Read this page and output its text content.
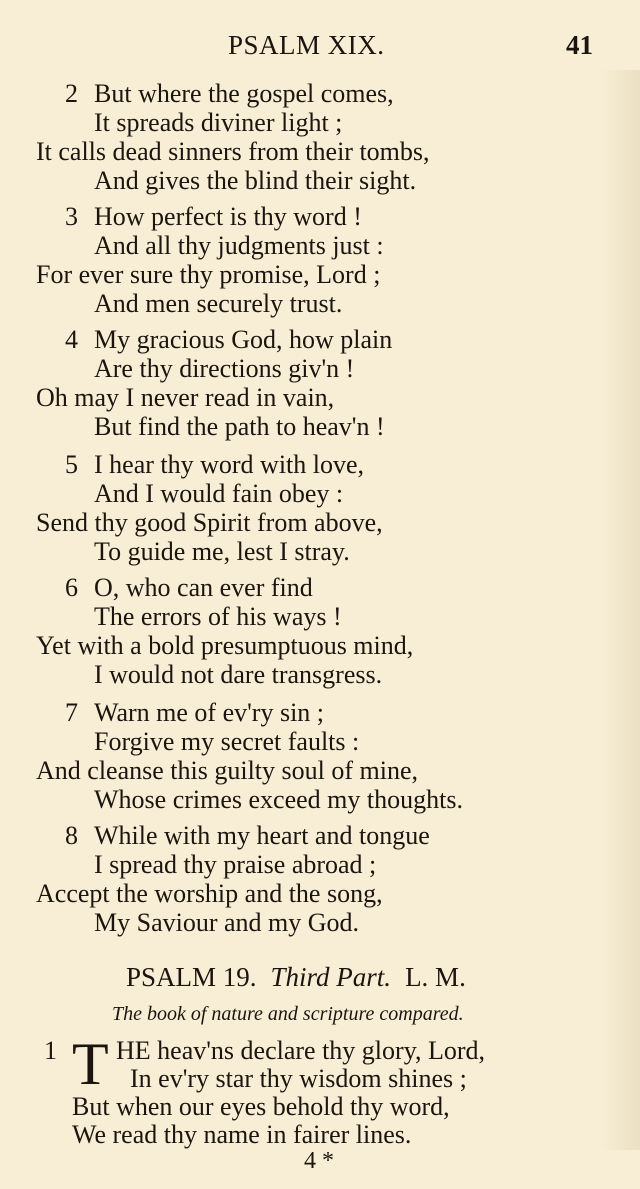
PSALM XIX.	41
2 But where the gospel comes,
It spreads diviner light ;
It calls dead sinners from their tombs,
And gives the blind their sight.
3 How perfect is thy word !
And all thy judgments just :
For ever sure thy promise, Lord ;
And men securely trust.
4 My gracious God, how plain
Are thy directions giv'n !
Oh may I never read in vain,
But find the path to heav'n !
5 I hear thy word with love,
And I would fain obey :
Send thy good Spirit from above,
To guide me, lest I stray.
6 O, who can ever find
The errors of his ways !
Yet with a bold presumptuous mind,
I would not dare transgress.
7 Warn me of ev'ry sin ;
Forgive my secret faults :
And cleanse this guilty soul of mine,
Whose crimes exceed my thoughts.
8 While with my heart and tongue
I spread thy praise abroad ;
Accept the worship and the song,
My Saviour and my God.
PSALM 19. Third Part. L. M.
The book of nature and scripture compared.
1 T HE heav'ns declare thy glory, Lord,
In ev'ry star thy wisdom shines ;
But when our eyes behold thy word,
We read thy name in fairer lines.
4 *
